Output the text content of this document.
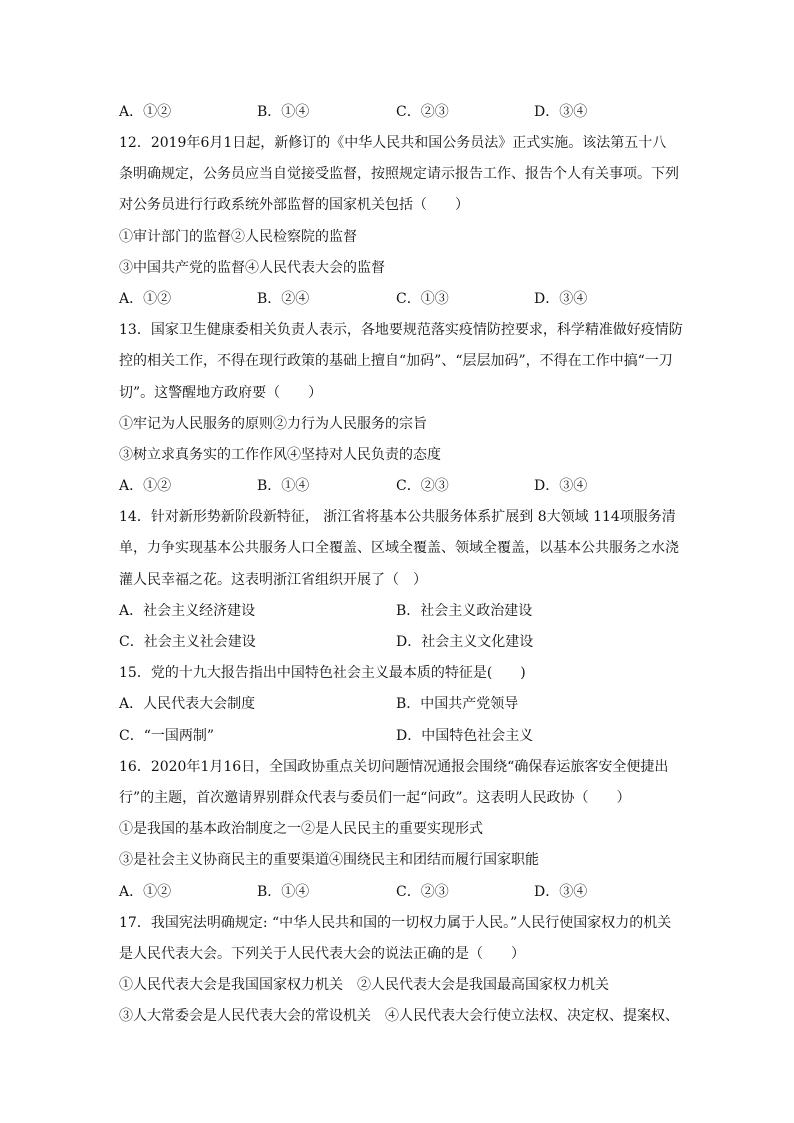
A．①②	B．①④	C．②③	D．③④
12．2019年6月1日起，新修订的《中华人民共和国公务员法》正式实施。该法第五十八
条明确规定，公务员应当自觉接受监督，按照规定请示报告工作、报告个人有关事项。下列
对公务员进行行政系统外部监督的国家机关包括（　　）
①审计部门的监督②人民检察院的监督
③中国共产党的监督④人民代表大会的监督
A．①②	B．②④	C．①③	D．③④
13．国家卫生健康委相关负责人表示，各地要规范落实疫情防控要求，科学精准做好疫情防
控的相关工作，不得在现行政策的基础上擅自“加码”、“层层加码”，不得在工作中搞“一刀
切”。这警醒地方政府要（　　）
①牢记为人民服务的原则②力行为人民服务的宗旨
③树立求真务实的工作作风④坚持对人民负责的态度
A．①②	B．①④	C．②③	D．③④
14．针对新形势新阶段新特征， 浙江省将基本公共服务体系扩展到 8大领域 114项服务清
单，力争实现基本公共服务人口全覆盖、区域全覆盖、领域全覆盖，以基本公共服务之水浇
灌人民幸福之花。这表明浙江省组织开展了（　）
A．社会主义经济建设	B．社会主义政治建设
C．社会主义社会建设	D．社会主义文化建设
15．党的十九大报告指出中国特色社会主义最本质的特征是(　　)
A．人民代表大会制度	B．中国共产党领导
C．“一国两制”	D．中国特色社会主义
16．2020年1月16日，全国政协重点关切问题情况通报会围绕“确保春运旅客安全便捷出
行”的主题，首次邀请界别群众代表与委员们一起“问政”。这表明人民政协（　　）
①是我国的基本政治制度之一②是人民民主的重要实现形式
③是社会主义协商民主的重要渠道④围绕民主和团结而履行国家职能
A．①②	B．①④	C．②③	D．③④
17．我国宪法明确规定: “中华人民共和国的一切权力属于人民。”人民行使国家权力的机关
是人民代表大会。下列关于人民代表大会的说法正确的是（　　）
①人民代表大会是我国国家权力机关　②人民代表大会是我国最高国家权力机关
③人大常委会是人民代表大会的常设机关　④人民代表大会行使立法权、决定权、提案权、
